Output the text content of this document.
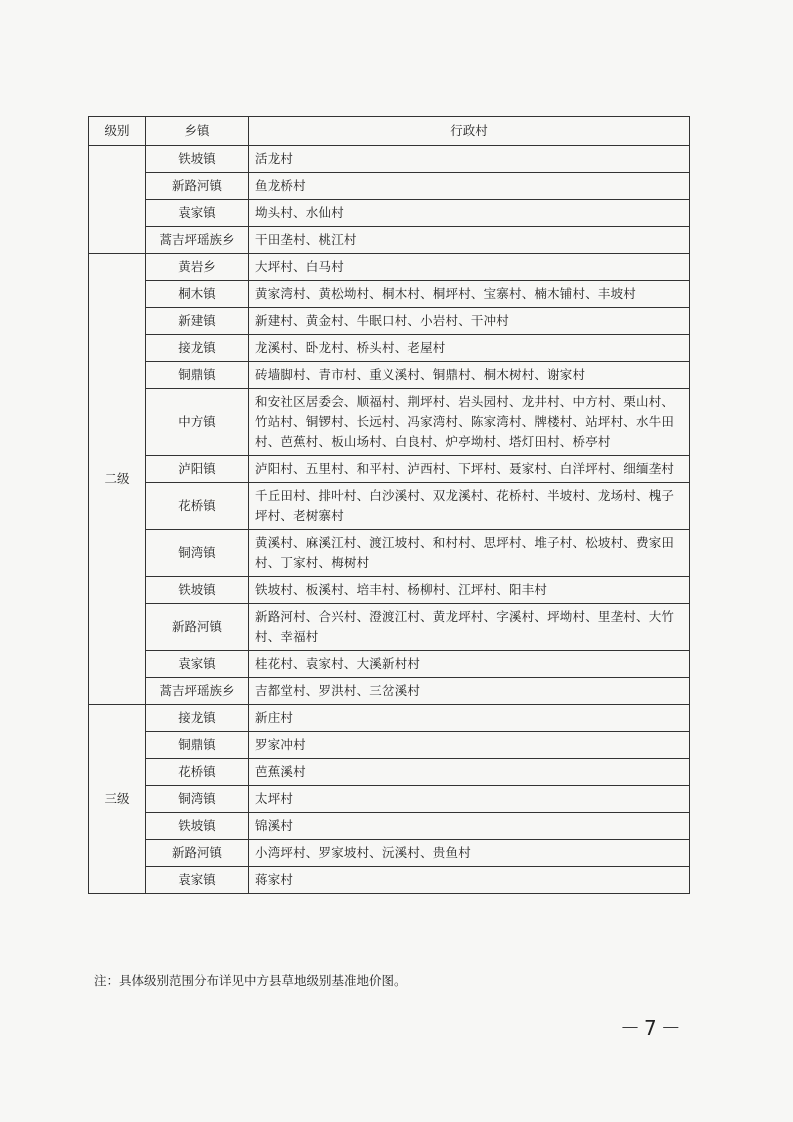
级别	乡镇	行政村
	铁坡镇	活龙村
	新路河镇	鱼龙桥村
	袁家镇	坳头村、水仙村
	蒿吉坪瑶族乡	干田垄村、桃江村
二级	黄岩乡	大坪村、白马村
	桐木镇	黄家湾村、黄松坳村、桐木村、桐坪村、宝寨村、楠木铺村、丰坡村
	新建镇	新建村、黄金村、牛眠口村、小岩村、干冲村
	接龙镇	龙溪村、卧龙村、桥头村、老屋村
	铜鼎镇	砖墙脚村、青市村、重义溪村、铜鼎村、桐木树村、谢家村
	中方镇	和安社区居委会、顺福村、荆坪村、岩头园村、龙井村、中方村、栗山村、竹站村、铜锣村、长远村、冯家湾村、陈家湾村、牌楼村、站坪村、水牛田村、芭蕉村、板山场村、白良村、炉亭坳村、塔灯田村、桥亭村
	泸阳镇	泸阳村、五里村、和平村、泸西村、下坪村、聂家村、白洋坪村、细缅垄村
	花桥镇	千丘田村、排叶村、白沙溪村、双龙溪村、花桥村、半坡村、龙场村、槐子坪村、老树寨村
	铜湾镇	黄溪村、麻溪江村、渡江坡村、和村村、思坪村、堆子村、松坡村、费家田村、丁家村、梅树村
	铁坡镇	铁坡村、板溪村、培丰村、杨柳村、江坪村、阳丰村
	新路河镇	新路河村、合兴村、澄渡江村、黄龙坪村、字溪村、坪坳村、里垄村、大竹村、幸福村
	袁家镇	桂花村、袁家村、大溪新村村
	蒿吉坪瑶族乡	吉都堂村、罗洪村、三岔溪村
三级	接龙镇	新庄村
	铜鼎镇	罗家冲村
	花桥镇	芭蕉溪村
	铜湾镇	太坪村
	铁坡镇	锦溪村
	新路河镇	小湾坪村、罗家坡村、沅溪村、贵鱼村
	袁家镇	蒋家村
注：具体级别范围分布详见中方县草地级别基准地价图。
－7－
